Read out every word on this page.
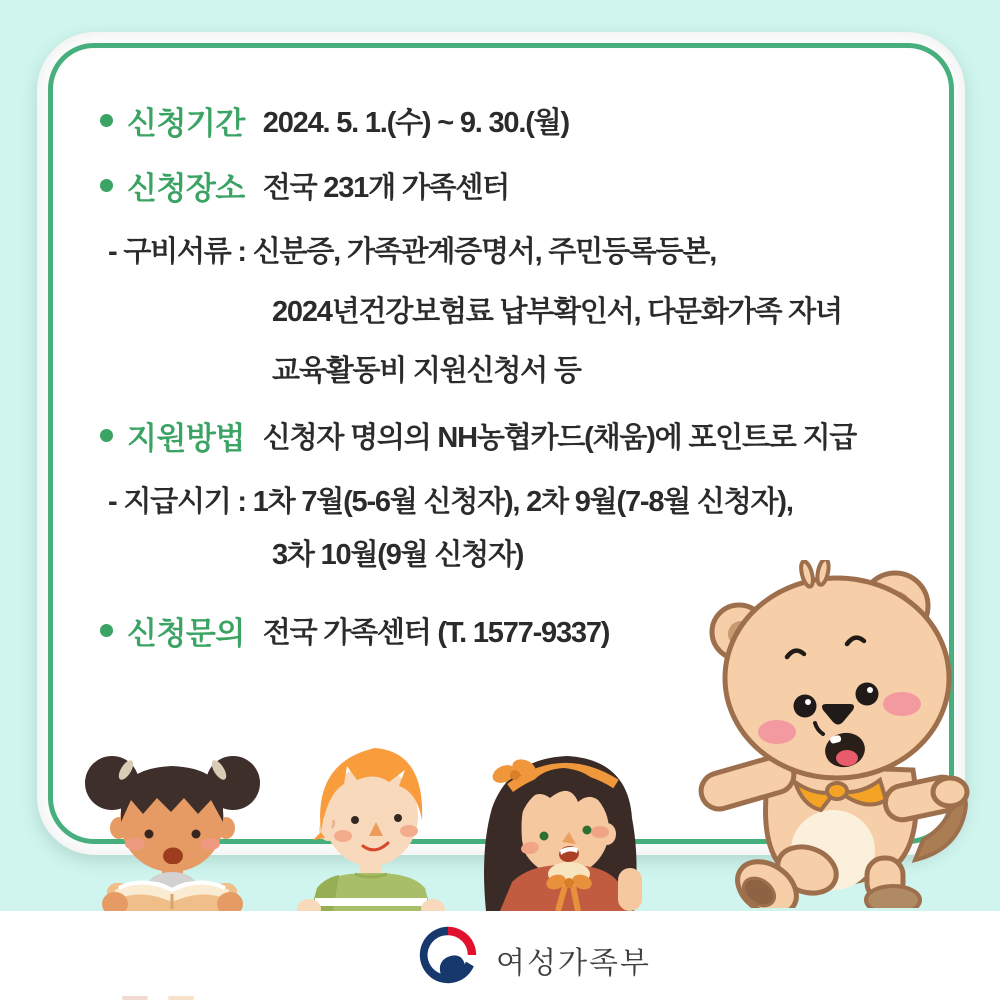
신청기간 2024. 5. 1.(수) ~ 9. 30.(월)
신청장소 전국 231개 가족센터
- 구비서류 : 신분증, 가족관계증명서, 주민등록등본,
2024년건강보험료 납부확인서, 다문화가족 자녀
교육활동비 지원신청서 등
지원방법 신청자 명의의 NH농협카드(채움)에 포인트로 지급
- 지급시기 : 1차 7월(5-6월 신청자), 2차 9월(7-8월 신청자),
3차 10월(9월 신청자)
신청문의 전국 가족센터 (T. 1577-9337)
여성가족부
